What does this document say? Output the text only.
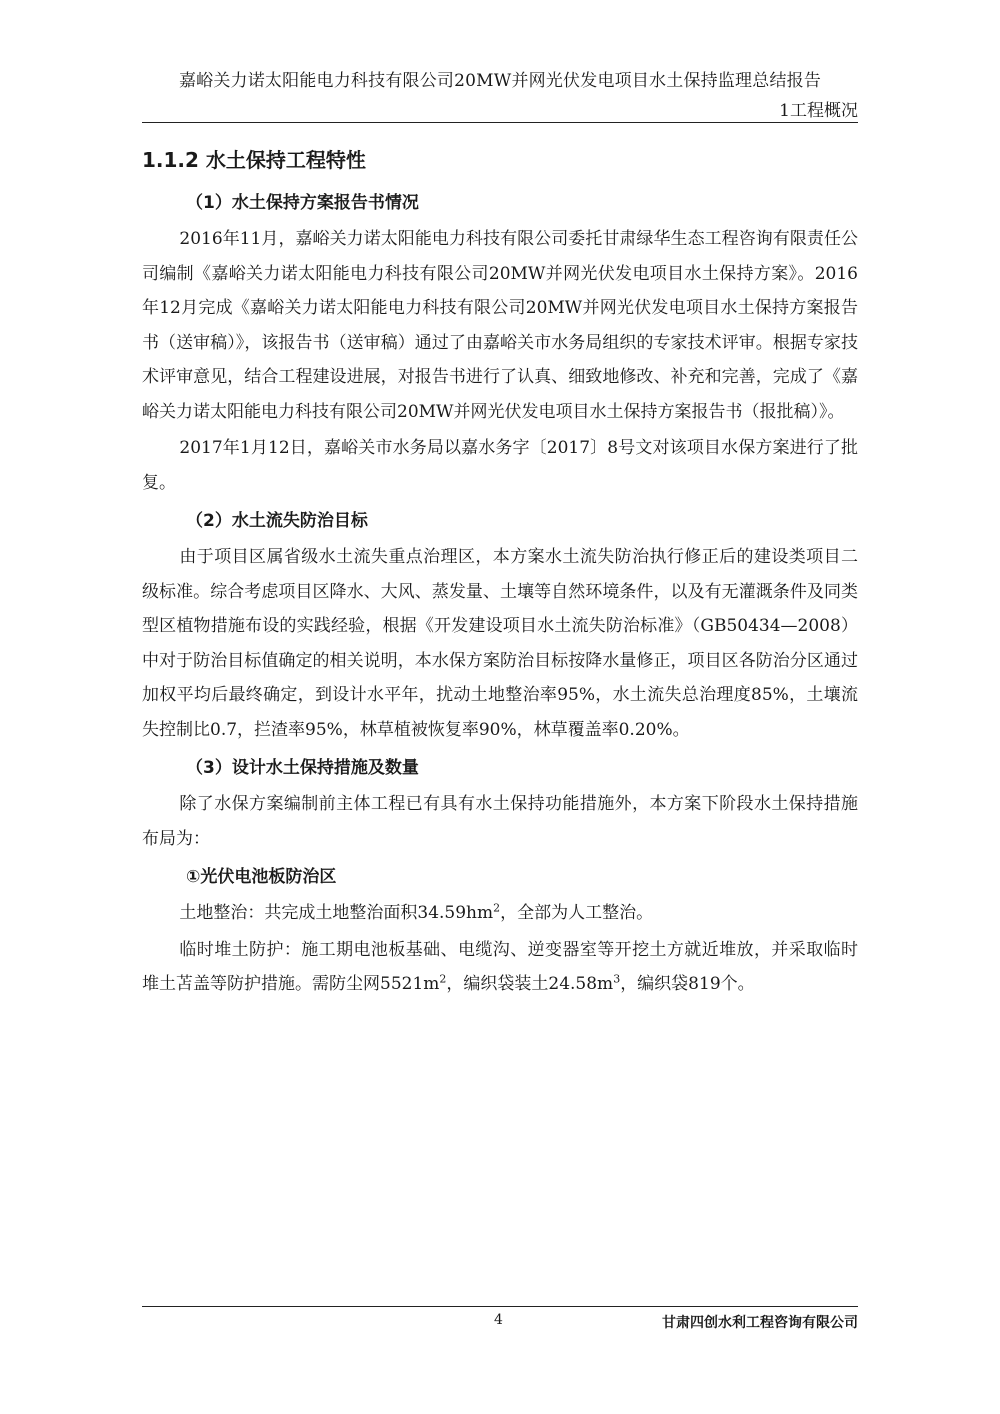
嘉峪关力诺太阳能电力科技有限公司20MW并网光伏发电项目水土保持监理总结报告
1工程概况
1.1.2 水土保持工程特性
（1）水土保持方案报告书情况

2016年11月，嘉峪关力诺太阳能电力科技有限公司委托甘肃绿华生态工程咨询有限责任公司编制《嘉峪关力诺太阳能电力科技有限公司20MW并网光伏发电项目水土保持方案》。2016年12月完成《嘉峪关力诺太阳能电力科技有限公司20MW并网光伏发电项目水土保持方案报告书（送审稿）》，该报告书（送审稿）通过了由嘉峪关市水务局组织的专家技术评审。根据专家技术评审意见，结合工程建设进展，对报告书进行了认真、细致地修改、补充和完善，完成了《嘉峪关力诺太阳能电力科技有限公司20MW并网光伏发电项目水土保持方案报告书（报批稿）》。

2017年1月12日，嘉峪关市水务局以嘉水务字〔2017〕8号文对该项目水保方案进行了批复。

（2）水土流失防治目标

由于项目区属省级水土流失重点治理区，本方案水土流失防治执行修正后的建设类项目二级标准。综合考虑项目区降水、大风、蒸发量、土壤等自然环境条件，以及有无灌溉条件及同类型区植物措施布设的实践经验，根据《开发建设项目水土流失防治标准》（GB50434—2008）中对于防治目标值确定的相关说明，本水保方案防治目标按降水量修正，项目区各防治分区通过加权平均后最终确定，到设计水平年，扰动土地整治率95%，水土流失总治理度85%，土壤流失控制比0.7，拦渣率95%，林草植被恢复率90%，林草覆盖率0.20%。

（3）设计水土保持措施及数量

除了水保方案编制前主体工程已有具有水土保持功能措施外，本方案下阶段水土保持措施布局为：

①光伏电池板防治区

土地整治：共完成土地整治面积$34.59hm^2$，全部为人工整治。

临时堆土防护：施工期电池板基础、电缆沟、逆变器室等开挖土方就近堆放，并采取临时堆土苫盖等防护措施。需防尘网$5521m^2$，编织袋装土$24.58m^3$，编织袋819个。

4	甘肃四创水利工程咨询有限公司
